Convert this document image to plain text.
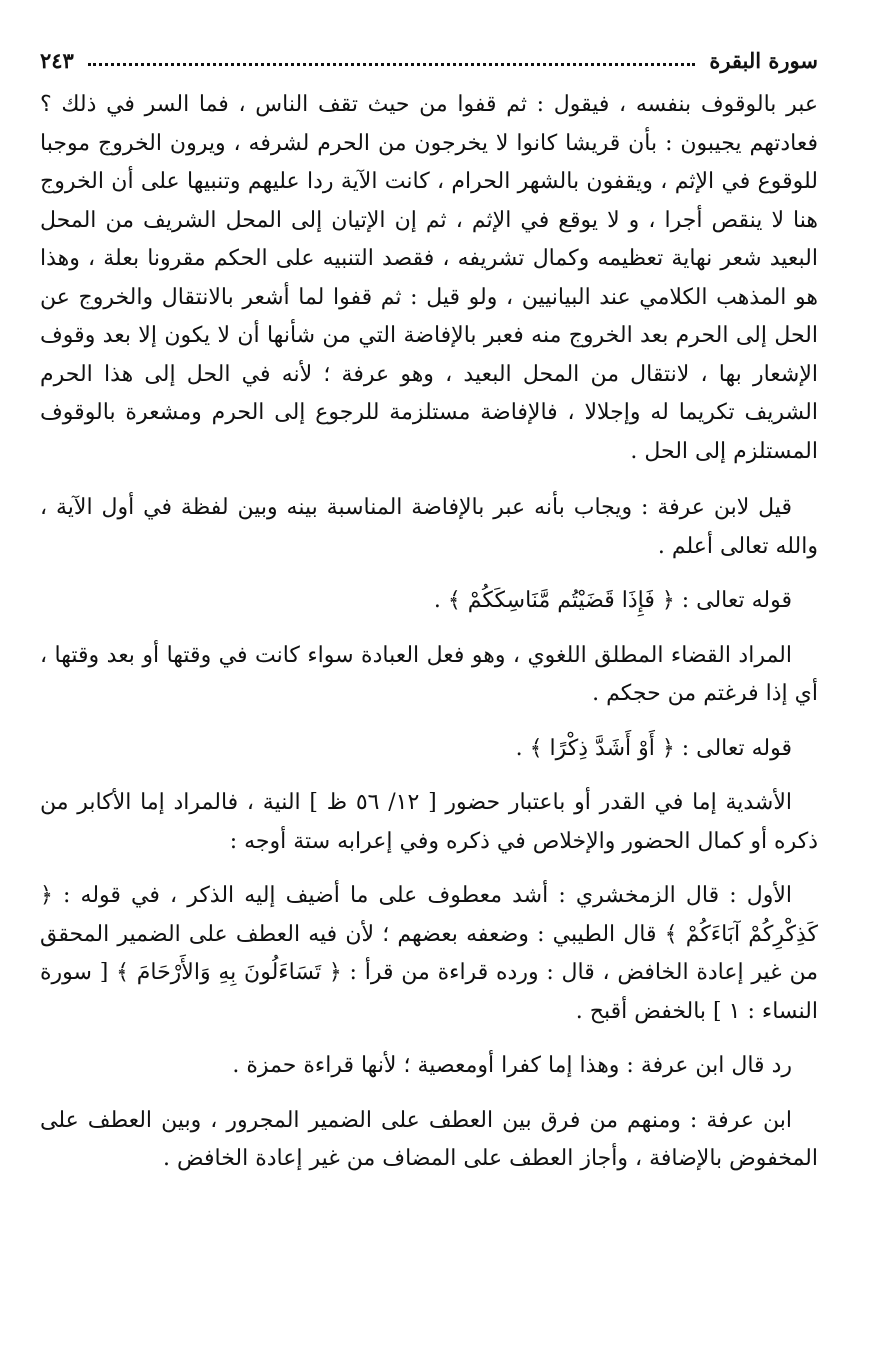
سورة البقرة
٢٤٣

عبر بالوقوف بنفسه ، فيقول : ثم قفوا من حيث تقف الناس ، فما السر في ذلك ؟ فعادتهم يجيبون : بأن قريشا كانوا لا يخرجون من الحرم لشرفه ، ويرون الخروج موجبا للوقوع في الإثم ، ويقفون بالشهر الحرام ، كانت الآية ردا عليهم وتنبيها على أن الخروج هنا لا ينقص أجرا ، و لا يوقع في الإثم ، ثم إن الإتيان إلى المحل الشريف من المحل البعيد شعر نهاية تعظيمه وكمال تشريفه ، فقصد التنبيه على الحكم مقرونا بعلة ، وهذا هو المذهب الكلامي عند البيانيين ، ولو قيل : ثم قفوا لما أشعر بالانتقال والخروج عن الحل إلى الحرم بعد الخروج منه فعبر بالإفاضة التي من شأنها أن لا يكون إلا بعد وقوف الإشعار بها ، لانتقال من المحل البعيد ، وهو عرفة ؛ لأنه في الحل إلى هذا الحرم الشريف تكريما له وإجلالا ، فالإفاضة مستلزمة للرجوع إلى الحرم ومشعرة بالوقوف المستلزم إلى الحل .

قيل لابن عرفة : ويجاب بأنه عبر بالإفاضة المناسبة بينه وبين لفظة في أول الآية ، والله تعالى أعلم .

قوله تعالى : ﴿ فَإِذَا قَضَيْتُم مَّنَاسِكَكُمْ ﴾ .

المراد القضاء المطلق اللغوي ، وهو فعل العبادة سواء كانت في وقتها أو بعد وقتها ، أي إذا فرغتم من حجكم .

قوله تعالى : ﴿ أَوْ أَشَدَّ ذِكْرًا ﴾ .

الأشدية إما في القدر أو باعتبار حضور [ ١٢/ ٥٦ ظ ] النية ، فالمراد إما الأكابر من ذكره أو كمال الحضور والإخلاص في ذكره وفي إعرابه ستة أوجه :

الأول : قال الزمخشري : أشد معطوف على ما أضيف إليه الذكر ، في قوله : ﴿ كَذِكْرِكُمْ آبَاءَكُمْ ﴾ قال الطيبي : وضعفه بعضهم ؛ لأن فيه العطف على الضمير المحقق من غير إعادة الخافض ، قال : ورده قراءة من قرأ : ﴿ تَسَاءَلُونَ بِهِ وَالأَرْحَامَ ﴾ [ سورة النساء : ١ ] بالخفض أقبح .

رد قال ابن عرفة : وهذا إما كفرا أومعصية ؛ لأنها قراءة حمزة .

ابن عرفة : ومنهم من فرق بين العطف على الضمير المجرور ، وبين العطف على المخفوض بالإضافة ، وأجاز العطف على المضاف من غير إعادة الخافض .
